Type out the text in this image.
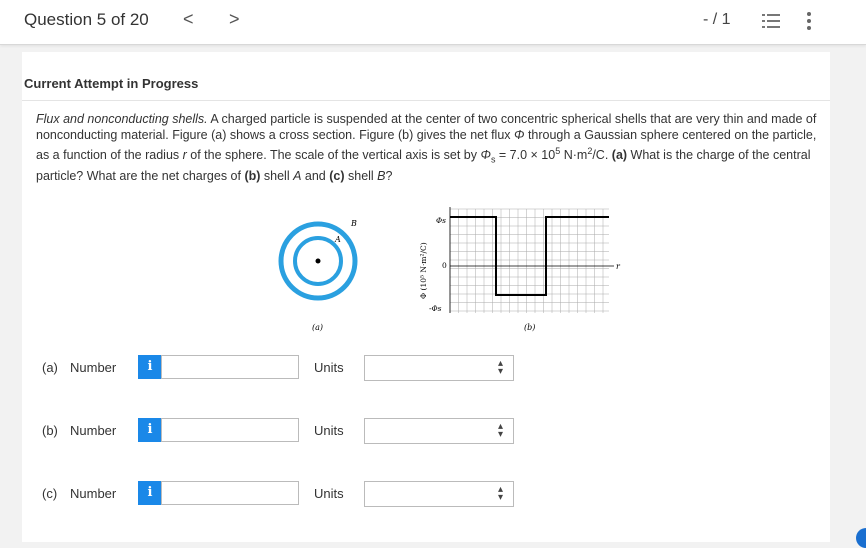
Question 5 of 20 < >	- / 1
Current Attempt in Progress
Flux and nonconducting shells. A charged particle is suspended at the center of two concentric spherical shells that are very thin and made of nonconducting material. Figure (a) shows a cross section. Figure (b) gives the net flux Φ through a Gaussian sphere centered on the particle, as a function of the radius r of the sphere. The scale of the vertical axis is set by $\Phi_s = 7.0 \times 10^5$ $N\cdot m^2/C$. (a) What is the charge of the central particle? What are the net charges of (b) shell A and (c) shell B?
A
B
(a)
Φ (10⁵ N·m²/C)
Φs
0
-Φs
r
(b)
(a) Number	i	Units	▴
▾
(b) Number	i	Units	▴
▾
(c) Number	i	Units	▴
▾
